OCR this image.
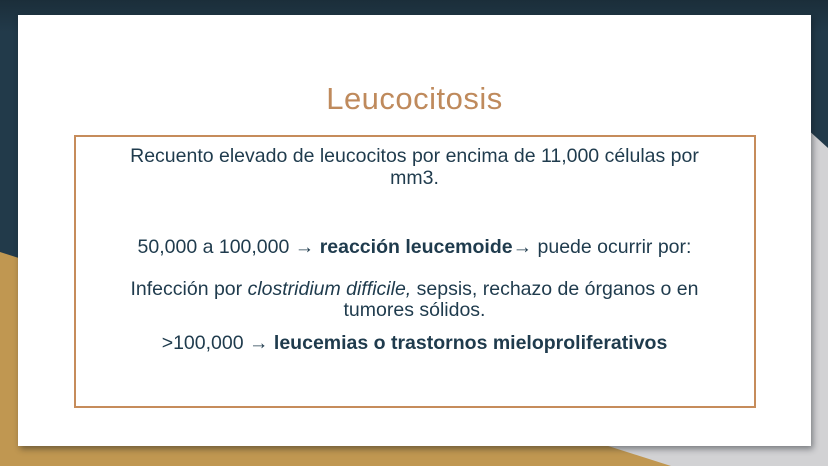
Leucocitosis

Recuento elevado de leucocitos por encima de 11,000 células por
mm3.

50,000 a 100,000 → reacción leucemoide→ puede ocurrir por:

Infección por clostridium difficile, sepsis, rechazo de órganos o en
tumores sólidos.

>100,000 → leucemias o trastornos mieloproliferativos
